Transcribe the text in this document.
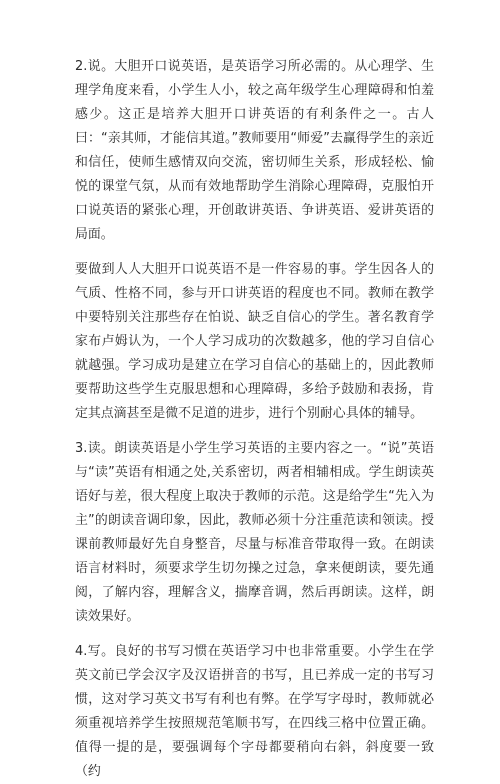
2.说。大胆开口说英语，是英语学习所必需的。从心理学、生理学角度来看，小学生人小，较之高年级学生心理障碍和怕羞感少。这正是培养大胆开口讲英语的有利条件之一。古人曰：“亲其师，才能信其道。”教师要用“师爱”去赢得学生的亲近和信任，使师生感情双向交流，密切师生关系，形成轻松、愉悦的课堂气氛，从而有效地帮助学生消除心理障碍，克服怕开口说英语的紧张心理，开创敢讲英语、争讲英语、爱讲英语的局面。

要做到人人大胆开口说英语不是一件容易的事。学生因各人的气质、性格不同，参与开口讲英语的程度也不同。教师在教学中要特别关注那些存在怕说、缺乏自信心的学生。著名教育学家布卢姆认为，一个人学习成功的次数越多，他的学习自信心就越强。学习成功是建立在学习自信心的基础上的，因此教师要帮助这些学生克服思想和心理障碍，多给予鼓励和表扬，肯定其点滴甚至是微不足道的进步，进行个别耐心具体的辅导。

3.读。朗读英语是小学生学习英语的主要内容之一。“说”英语与“读”英语有相通之处,关系密切，两者相辅相成。学生朗读英语好与差，很大程度上取决于教师的示范。这是给学生“先入为主”的朗读音调印象，因此，教师必须十分注重范读和领读。授课前教师最好先自身整音，尽量与标准音带取得一致。在朗读语言材料时，须要求学生切勿操之过急，拿来便朗读，要先通阅，了解内容，理解含义，揣摩音调，然后再朗读。这样，朗读效果好。

4.写。良好的书写习惯在英语学习中也非常重要。小学生在学英文前已学会汉字及汉语拼音的书写，且已养成一定的书写习惯，这对学习英文书写有利也有弊。在学写字母时，教师就必须重视培养学生按照规范笔顺书写，在四线三格中位置正确。值得一提的是，要强调每个字母都要稍向右斜，斜度要一致（约
